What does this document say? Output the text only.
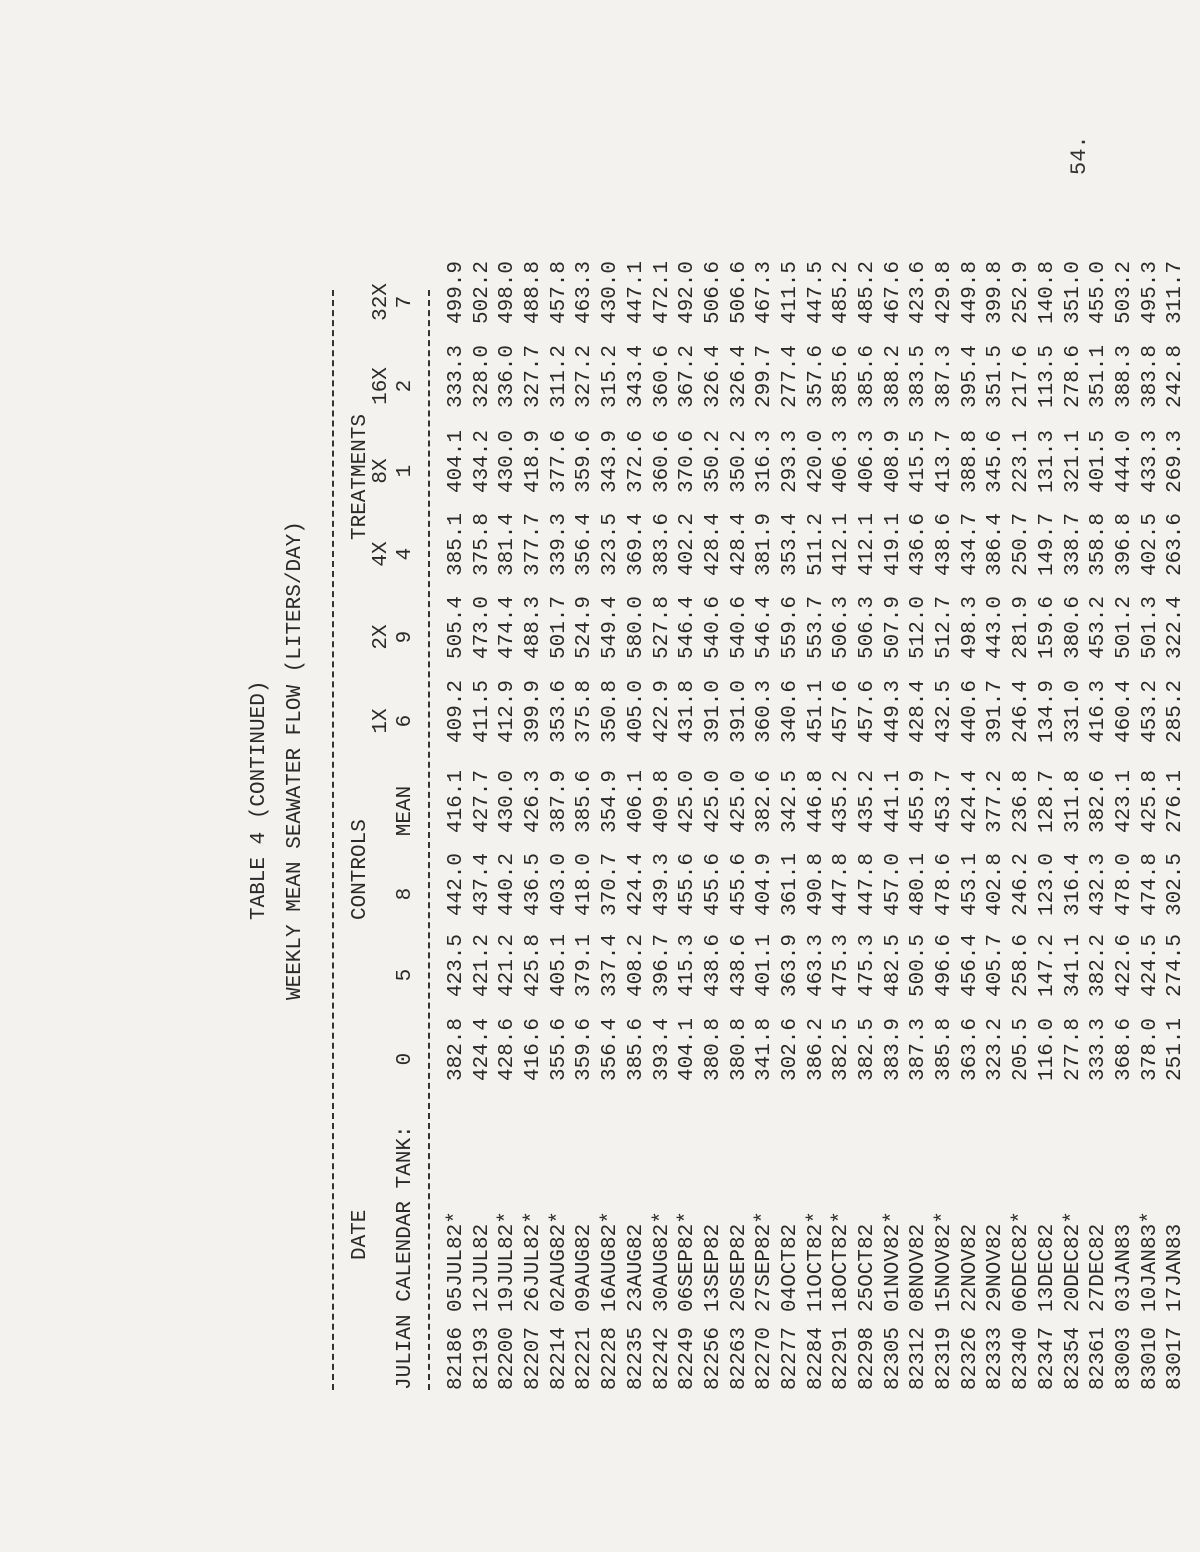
54.
TABLE 4 (CONTINUED) WEEKLY MEAN SEAWATER FLOW (LITERS/DAY)
DATE
CONTROLS
TREATMENTS
JULIAN CALENDAR TANK:

0

5

8

MEAN
1X 6
2X 9
4X 4
8X 1
16X 2
32X 7
82186
05JUL82*
382.8
423.5
442.0
416.1
409.2
505.4
385.1
404.1
333.3
499.9
82193
12JUL82
424.4
421.2
437.4
427.7
411.5
473.0
375.8
434.2
328.0
502.2
82200
19JUL82*
428.6
421.2
440.2
430.0
412.9
474.4
381.4
430.0
336.0
498.0
82207
26JUL82*
416.6
425.8
436.5
426.3
399.9
488.3
377.7
418.9
327.7
488.8
82214
02AUG82*
355.6
405.1
403.0
387.9
353.6
501.7
339.3
377.6
311.2
457.8
82221
09AUG82
359.6
379.1
418.0
385.6
375.8
524.9
356.4
359.6
327.2
463.3
82228
16AUG82*
356.4
337.4
370.7
354.9
350.8
549.4
323.5
343.9
315.2
430.0
82235
23AUG82
385.6
408.2
424.4
406.1
405.0
580.0
369.4
372.6
343.4
447.1
82242
30AUG82*
393.4
396.7
439.3
409.8
422.9
527.8
383.6
360.6
360.6
472.1
82249
06SEP82*
404.1
415.3
455.6
425.0
431.8
546.4
402.2
370.6
367.2
492.0
82256
13SEP82
380.8
438.6
455.6
425.0
391.0
540.6
428.4
350.2
326.4
506.6
82263
20SEP82
380.8
438.6
455.6
425.0
391.0
540.6
428.4
350.2
326.4
506.6
82270
27SEP82*
341.8
401.1
404.9
382.6
360.3
546.4
381.9
316.3
299.7
467.3
82277
04OCT82
302.6
363.9
361.1
342.5
340.6
559.6
353.4
293.3
277.4
411.5
82284
11OCT82*
386.2
463.3
490.8
446.8
451.1
553.7
511.2
420.0
357.6
447.5
82291
18OCT82*
382.5
475.3
447.8
435.2
457.6
506.3
412.1
406.3
385.6
485.2
82298
25OCT82
382.5
475.3
447.8
435.2
457.6
506.3
412.1
406.3
385.6
485.2
82305
01NOV82*
383.9
482.5
457.0
441.1
449.3
507.9
419.1
408.9
388.2
467.6
82312
08NOV82
387.3
500.5
480.1
455.9
428.4
512.0
436.6
415.5
383.5
423.6
82319
15NOV82*
385.8
496.6
478.6
453.7
432.5
512.7
438.6
413.7
387.3
429.8
82326
22NOV82
363.6
456.4
453.1
424.4
440.6
498.3
434.7
388.8
395.4
449.8
82333
29NOV82
323.2
405.7
402.8
377.2
391.7
443.0
386.4
345.6
351.5
399.8
82340
06DEC82*
205.5
258.6
246.2
236.8
246.4
281.9
250.7
223.1
217.6
252.9
82347
13DEC82
116.0
147.2
123.0
128.7
134.9
159.6
149.7
131.3
113.5
140.8
82354
20DEC82*
277.8
341.1
316.4
311.8
331.0
380.6
338.7
321.1
278.6
351.0
82361
27DEC82
333.3
382.2
432.3
382.6
416.3
453.2
358.8
401.5
351.1
455.0
83003
03JAN83
368.6
422.6
478.0
423.1
460.4
501.2
396.8
444.0
388.3
503.2
83010
10JAN83*
378.0
424.5
474.8
425.8
453.2
501.3
402.5
433.3
383.8
495.3
83017
17JAN83
251.1
274.5
302.5
276.1
285.2
322.4
263.6
269.3
242.8
311.7
